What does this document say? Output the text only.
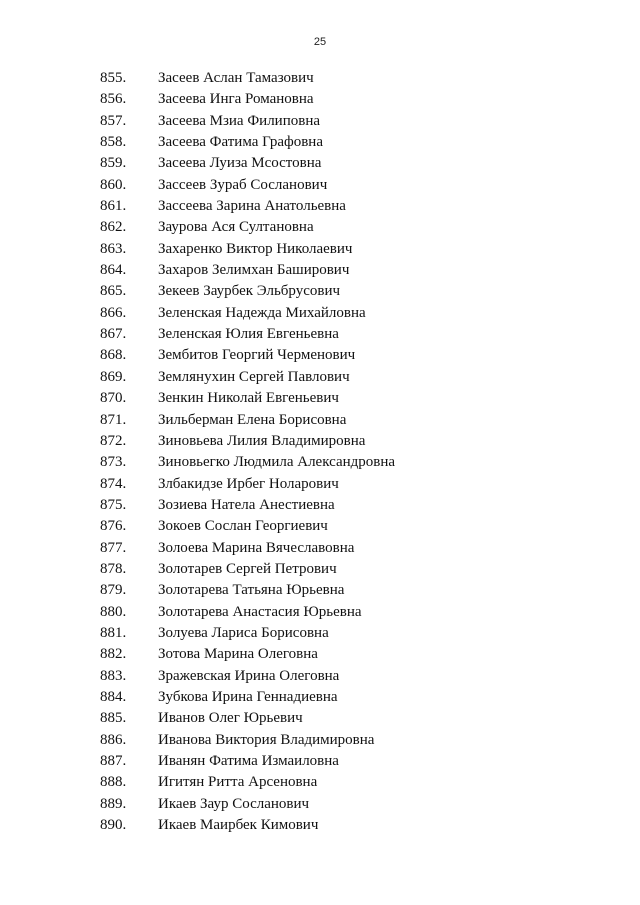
25
855.	Засеев Аслан Тамазович
856.	Засеева Инга Романовна
857.	Засеева Мзиа Филиповна
858.	Засеева Фатима Графовна
859.	Засеева Луиза Мсостовна
860.	Зассеев Зураб Сосланович
861.	Зассеева Зарина Анатольевна
862.	Заурова Ася Султановна
863.	Захаренко Виктор Николаевич
864.	Захаров Зелимхан Баширович
865.	Зекеев Заурбек Эльбрусович
866.	Зеленская Надежда Михайловна
867.	Зеленская Юлия Евгеньевна
868.	Зембитов Георгий Черменович
869.	Землянухин Сергей Павлович
870.	Зенкин Николай Евгеньевич
871.	Зильберман Елена Борисовна
872.	Зиновьева Лилия Владимировна
873.	Зиновьегко Людмила Александровна
874.	Злбакидзе Ирбег Ноларович
875.	Зозиева Натела Анестиевна
876.	Зокоев Сослан Георгиевич
877.	Золоева Марина Вячеславовна
878.	Золотарев Сергей Петрович
879.	Золотарева Татьяна Юрьевна
880.	Золотарева Анастасия Юрьевна
881.	Золуева Лариса Борисовна
882.	Зотова Марина Олеговна
883.	Зражевская Ирина Олеговна
884.	Зубкова Ирина Геннадиевна
885.	Иванов Олег Юрьевич
886.	Иванова Виктория Владимировна
887.	Иванян Фатима Измаиловна
888.	Игитян Ритта Арсеновна
889.	Икаев Заур Сосланович
890.	Икаев Маирбек Кимович
